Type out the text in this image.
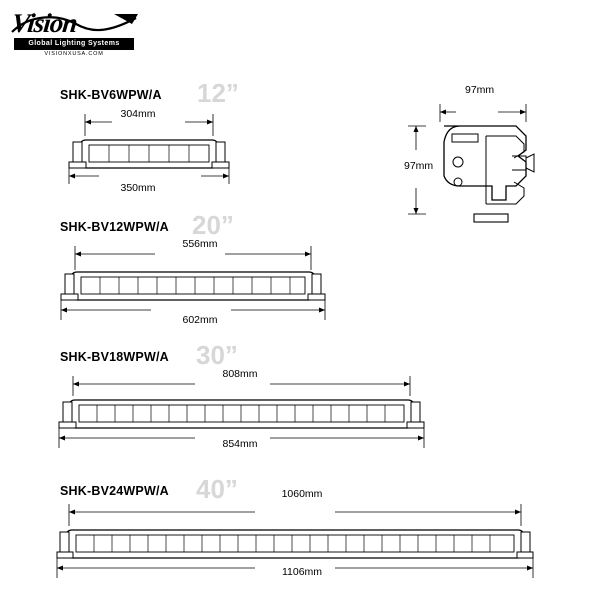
Vision
Global Lighting Systems
VISIONXUSA.COM
SHK-BV6WPW/A 12”
304mm
350mm
97mm
97mm
SHK-BV12WPW/A 20”
556mm
602mm
SHK-BV18WPW/A 30”
808mm
854mm
SHK-BV24WPW/A 40”	1060mm
1106mm
